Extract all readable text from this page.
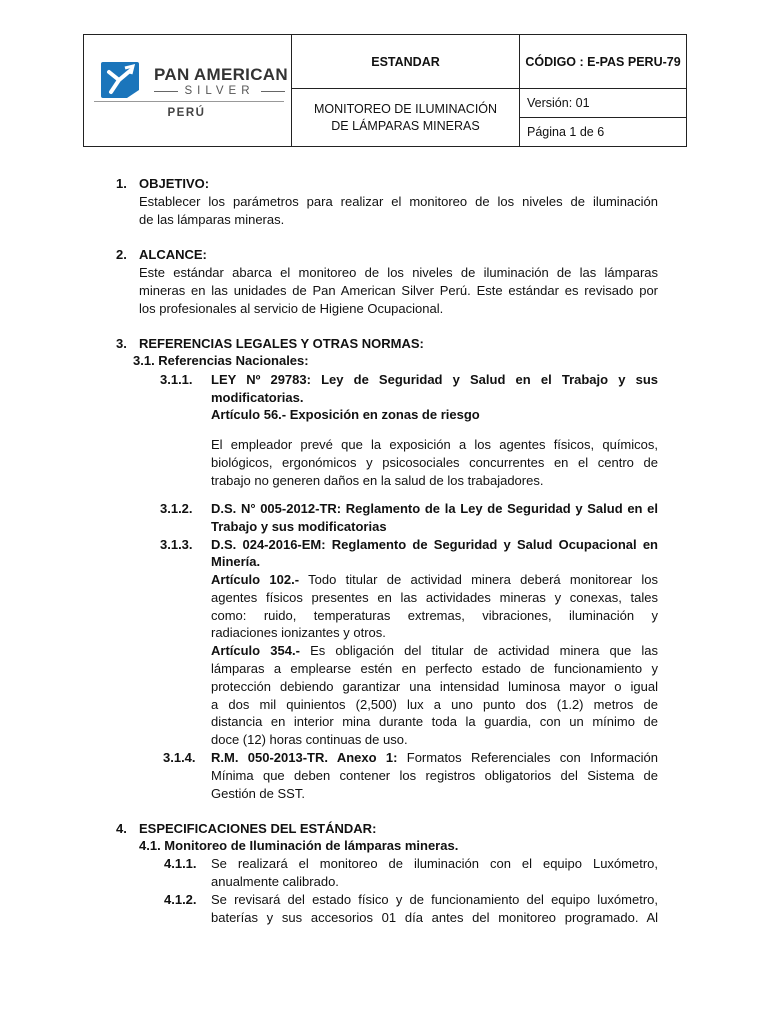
PAN AMERICAN
SILVER
PERÚ
ESTANDAR
MONITOREO DE ILUMINACIÓN
DE LÁMPARAS MINERAS
CÓDIGO : E-PAS PERU-79
Versión: 01
Página 1 de 6
1. OBJETIVO:
Establecer los parámetros para realizar el monitoreo de los niveles de iluminación
de las lámparas mineras.
2. ALCANCE:
Este estándar abarca el monitoreo de los niveles de iluminación de las lámparas
mineras en las unidades de Pan American Silver Perú. Este estándar es revisado por
los profesionales al servicio de Higiene Ocupacional.
3. REFERENCIAS LEGALES Y OTRAS NORMAS:
3.1. Referencias Nacionales:
3.1.1. LEY Nº 29783: Ley de Seguridad y Salud en el Trabajo y sus
modificatorias.
Artículo 56.- Exposición en zonas de riesgo
El empleador prevé que la exposición a los agentes físicos, químicos,
biológicos, ergonómicos y psicosociales concurrentes en el centro de
trabajo no generen daños en la salud de los trabajadores.
3.1.2. D.S. N° 005-2012-TR: Reglamento de la Ley de Seguridad y Salud en el
Trabajo y sus modificatorias
3.1.3. D.S. 024-2016-EM: Reglamento de Seguridad y Salud Ocupacional en
Minería.
Artículo 102.- Todo titular de actividad minera deberá monitorear los
agentes físicos presentes en las actividades mineras y conexas, tales
como: ruido, temperaturas extremas, vibraciones, iluminación y
radiaciones ionizantes y otros.
Artículo 354.- Es obligación del titular de actividad minera que las
lámparas a emplearse estén en perfecto estado de funcionamiento y
protección debiendo garantizar una intensidad luminosa mayor o igual
a dos mil quinientos (2,500) lux a uno punto dos (1.2) metros de
distancia en interior mina durante toda la guardia, con un mínimo de
doce (12) horas continuas de uso.
3.1.4. R.M. 050-2013-TR. Anexo 1: Formatos Referenciales con Información
Mínima que deben contener los registros obligatorios del Sistema de
Gestión de SST.
4. ESPECIFICACIONES DEL ESTÁNDAR:
4.1. Monitoreo de Iluminación de lámparas mineras.
4.1.1. Se realizará el monitoreo de iluminación con el equipo Luxómetro,
anualmente calibrado.
4.1.2. Se revisará del estado físico y de funcionamiento del equipo luxómetro,
baterías y sus accesorios 01 día antes del monitoreo programado. Al
